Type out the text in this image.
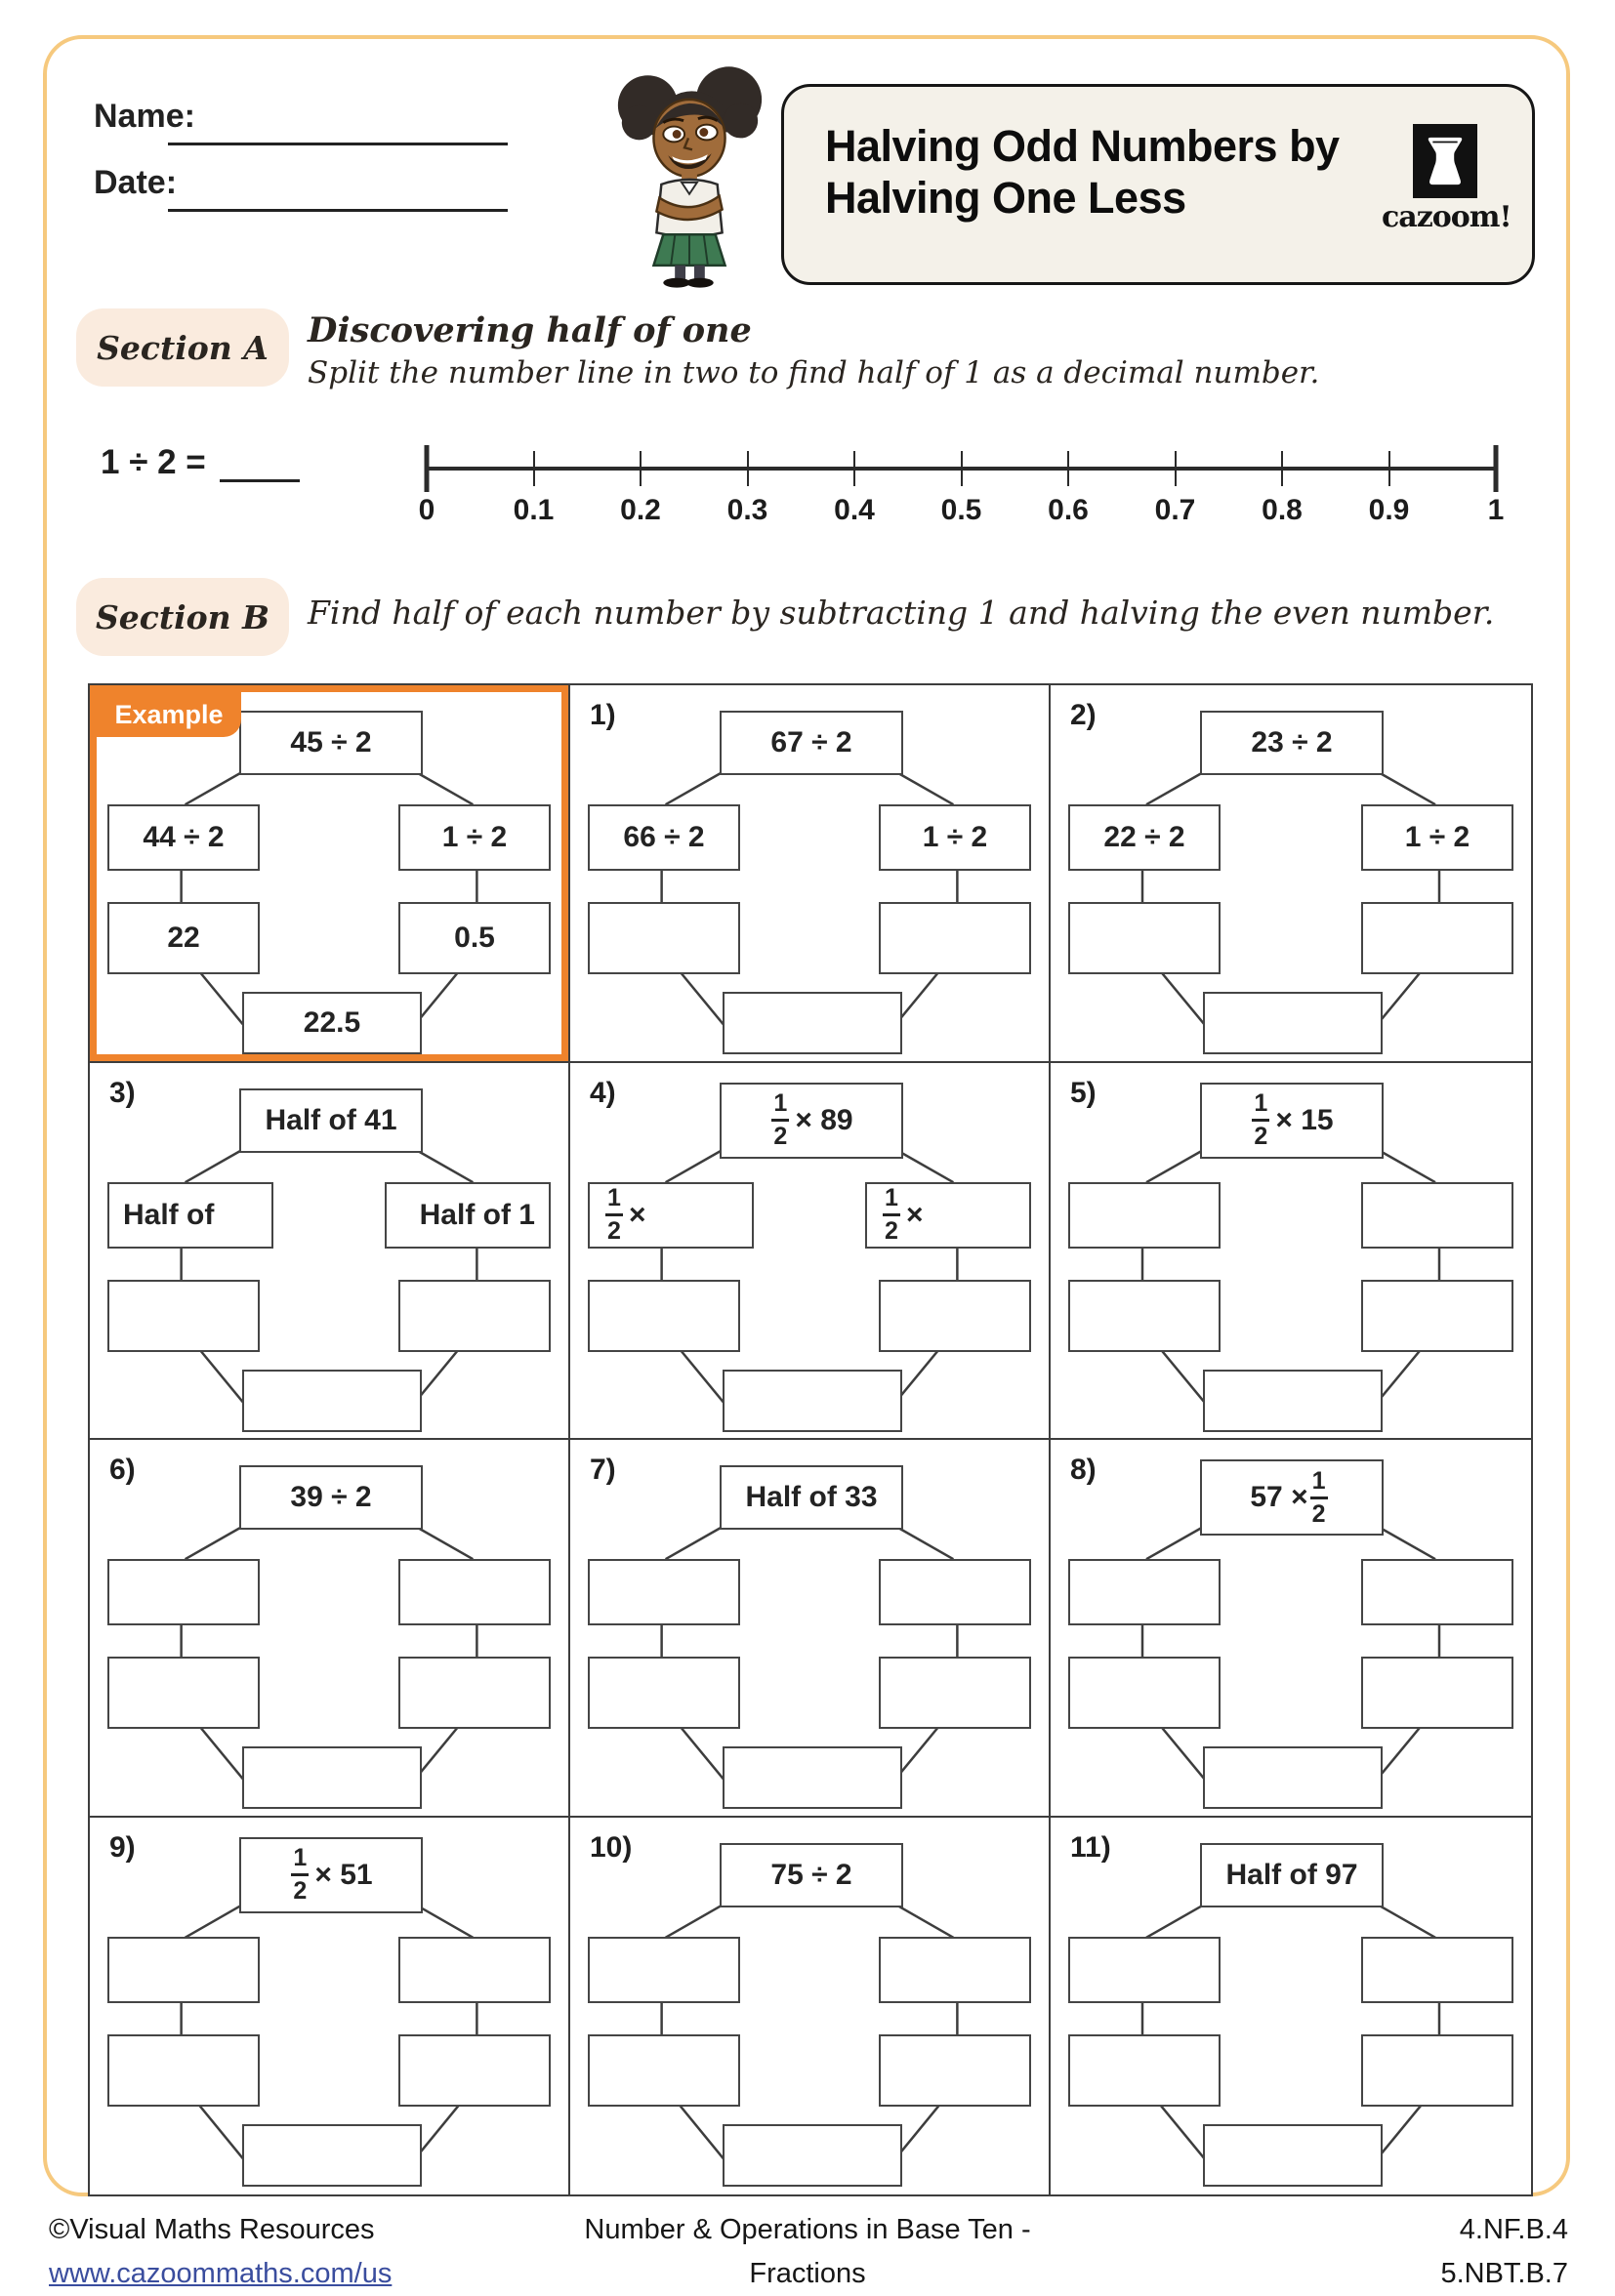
Name:
Date:
Halving Odd Numbers by
Halving One Less	cazoom!
Section A	Discovering half of one
Split the number line in two to find half of 1 as a decimal number.
1 ÷ 2 =
0	0.1 0.2 0.3 0.4 0.5 0.6 0.7 0.8 0.9	1
Section B	Find half of each number by subtracting 1 and halving the even number.
45 ÷ 2
44 ÷ 2	1 ÷ 2
22	0.5
22.5
Example	1)
67 ÷ 2
66 ÷ 2	1 ÷ 2
2)
23 ÷ 2
22 ÷ 2	1 ÷ 2
3)
Half of 41
Half of	Half of 1
4)	$\frac{1}{2} \times 89$
$\frac{1}{2}$ ×	$\frac{1}{2}$ ×
5)	$\frac{1}{2} \times 15$
6)
39 ÷ 2
7)
Half of 33
8)
$57 \times \frac{1}{2}$
9)	$\frac{1}{2} \times 51$
10)
75 ÷ 2
11)
Half of 97
©Visual Maths Resources
www.cazoommaths.com/us
Number & Operations in Base Ten -
Fractions
4.NF.B.4
5.NBT.B.7
